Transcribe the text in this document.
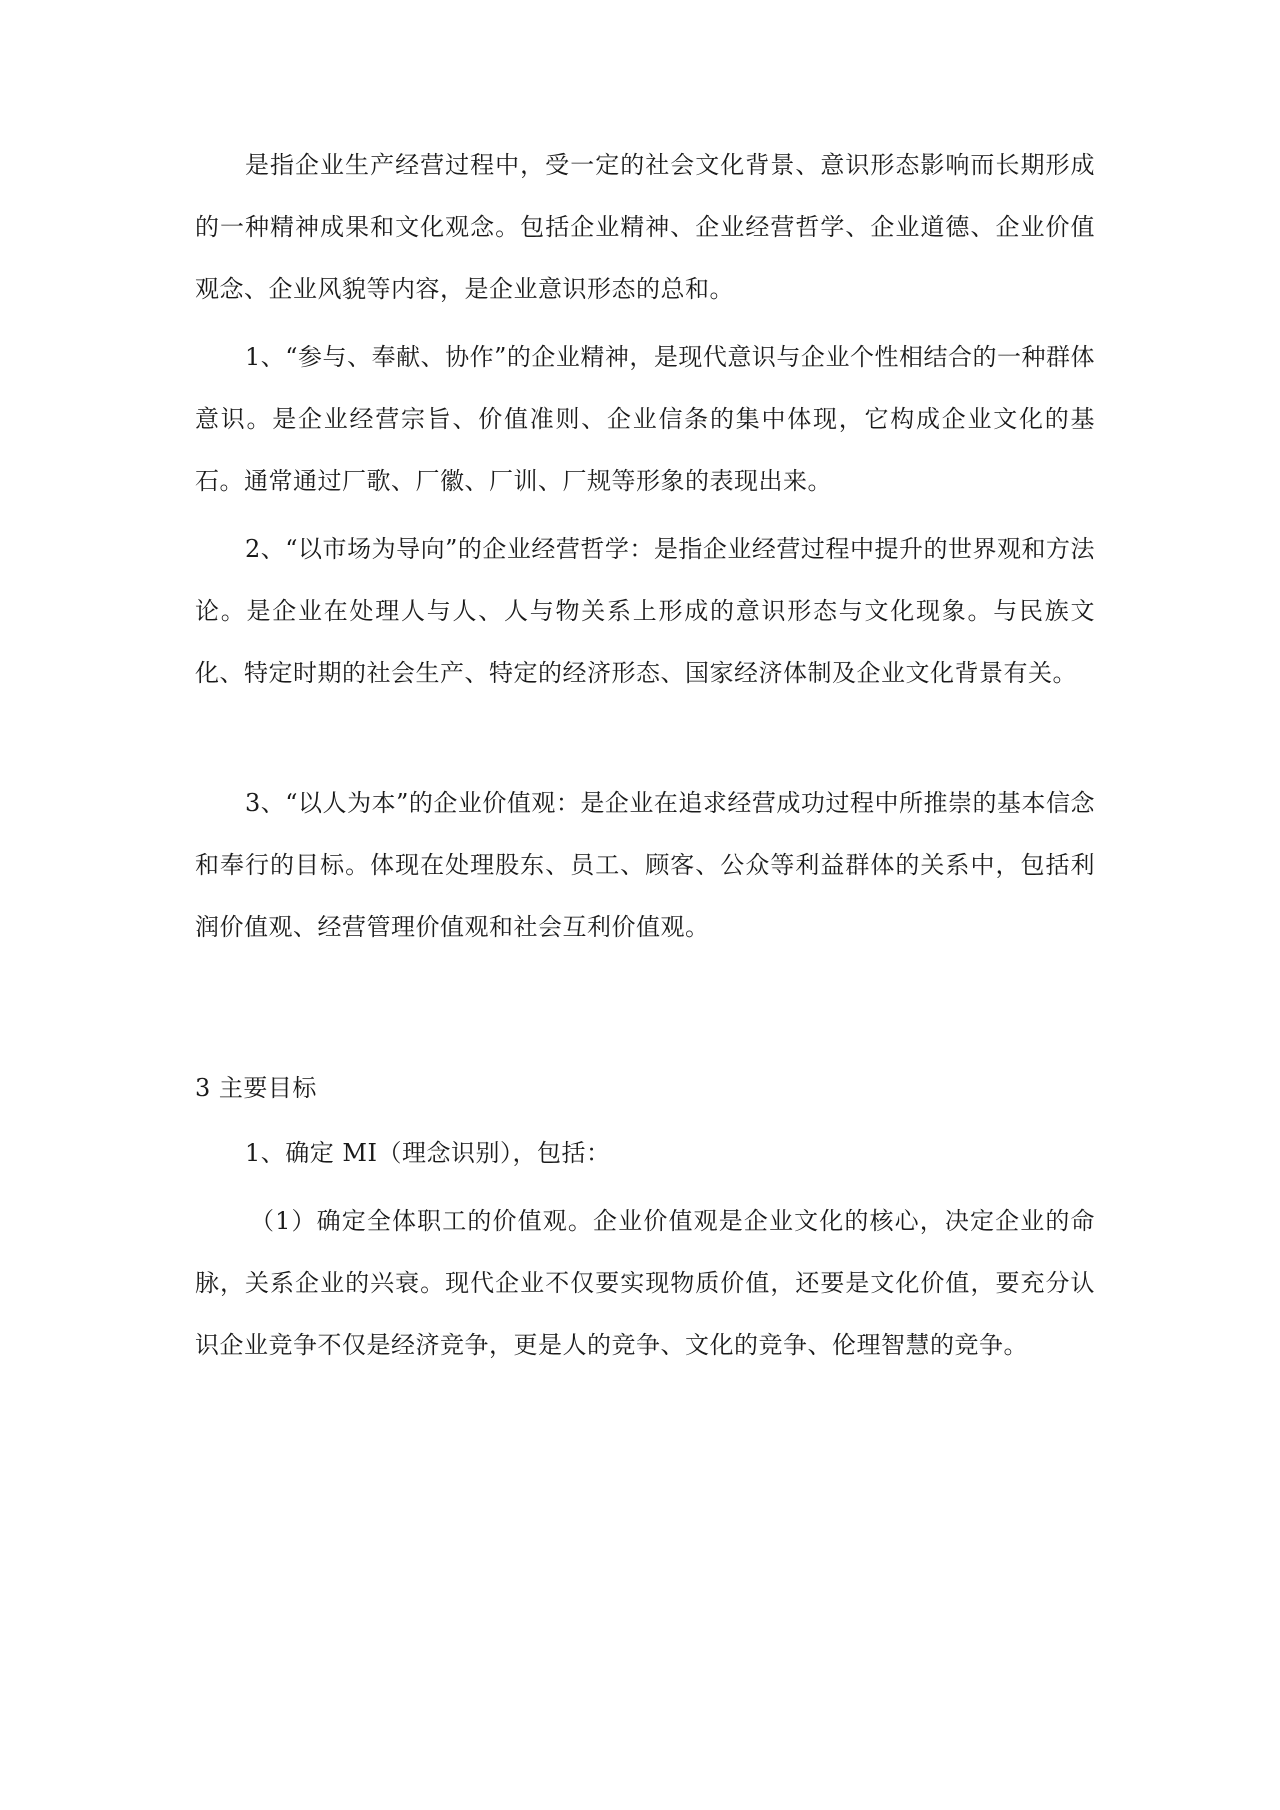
是指企业生产经营过程中，受一定的社会文化背景、意识形态影响而长期形成的一种精神成果和文化观念。包括企业精神、企业经营哲学、企业道德、企业价值观念、企业风貌等内容，是企业意识形态的总和。

1、“参与、奉献、协作”的企业精神，是现代意识与企业个性相结合的一种群体意识。是企业经营宗旨、价值准则、企业信条的集中体现，它构成企业文化的基石。通常通过厂歌、厂徽、厂训、厂规等形象的表现出来。

2、“以市场为导向”的企业经营哲学：是指企业经营过程中提升的世界观和方法论。是企业在处理人与人、人与物关系上形成的意识形态与文化现象。与民族文化、特定时期的社会生产、特定的经济形态、国家经济体制及企业文化背景有关。

3、“以人为本”的企业价值观：是企业在追求经营成功过程中所推崇的基本信念和奉行的目标。体现在处理股东、员工、顾客、公众等利益群体的关系中，包括利润价值观、经营管理价值观和社会互利价值观。

3 主要目标

1、确定 MI（理念识别），包括：

（1）确定全体职工的价值观。企业价值观是企业文化的核心，决定企业的命脉，关系企业的兴衰。现代企业不仅要实现物质价值，还要是文化价值，要充分认识企业竞争不仅是经济竞争，更是人的竞争、文化的竞争、伦理智慧的竞争。
